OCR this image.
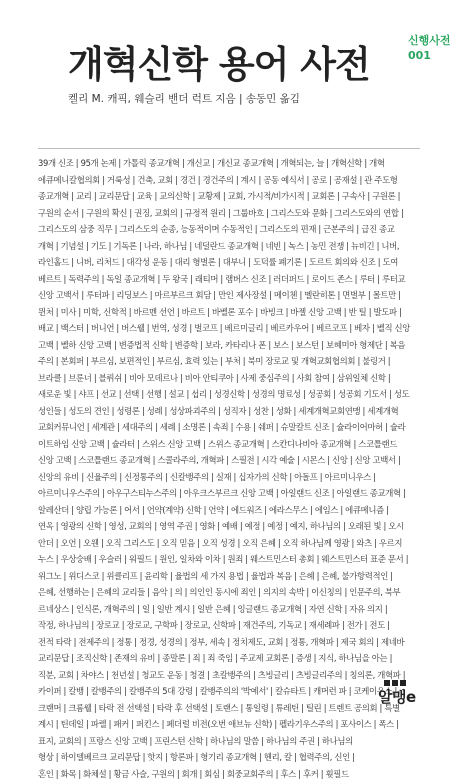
개혁신학 용어 사전
신행사전
001
켈리 M. 캐픽, 웨슬리 밴더 럭트 지음 | 송동민 옮김
39개 신조 | 95개 논제 | 가톨릭 종교개혁 | 개신교 | 개신교 종교개혁 | 개혁되는, 늘 | 개혁신학 | 개혁
에큐메니칼협의회 | 거룩성 | 건축, 교회 | 경건 | 경건주의 | 계시 | 공동 예식서 | 공로 | 공재설 | 관 주도형
종교개혁 | 교리 | 교리문답 | 교육 | 교의신학 | 교황제 | 교회, 가시적/비가시적 | 교회론 | 구속사 | 구원론 |
구원의 순서 | 구원의 확신 | 권징, 교회의 | 규정적 원리 | 그룹바흐 | 그리스도와 문화 | 그리스도와의 연합 |
그리스도의 삼중 직무 | 그리스도의 순종, 능동적이며 수동적인 | 그리스도의 편재 | 근본주의 | 급진 종교
개혁 | 기념설 | 기도 | 기독론 | 나라, 하나님 | 네덜란드 종교개혁 | 네빈 | 녹스 | 농민 전쟁 | 뉴비긴 | 니버,
라인홀드 | 니버, 리처드 | 대각성 운동 | 대리 형벌론 | 대부니 | 도덕률 폐기론 | 도르트 회의와 신조 | 도여
베르트 | 독력주의 | 독일 종교개혁 | 두 왕국 | 래티머 | 램버스 신조 | 러더퍼드 | 로이드 존스 | 루터 | 루터교
신앙 고백서 | 루터파 | 리딩보스 | 마르부르크 회담 | 만인 제사장설 | 메이첸 | 멜란히톤 | 면벌부 | 몰트만 |
뮌처 | 미사 | 미학, 신학적 | 바르멘 선언 | 바르트 | 바벨론 포수 | 바빙크 | 바젤 신앙 고백 | 반 틸 | 발도파 |
배교 | 백스터 | 버니언 | 버스웰 | 번역, 성경 | 벌코프 | 베르미글리 | 베르카우어 | 베르코프 | 베자 | 벨직 신앙
고백 | 벨하 신앙 고백 | 변증법적 신학 | 변증학 | 보라, 카타리나 폰 | 보스 | 보스턴 | 보혜미아 형제단 | 복음
주의 | 본회퍼 | 부르심, 보편적인 | 부르심, 효력 있는 | 부처 | 북미 장로교 및 개혁교회협의회 | 불링거 |
브라클 | 브룬너 | 블뤼쉬 | 비아 모데르나 | 비아 안티쿠아 | 사제 중심주의 | 사회 참여 | 삼위일체 신학 |
새로운 빛 | 샤프 | 선교 | 선택 | 선행 | 설교 | 섭리 | 성경신학 | 성경의 명료성 | 성공회 | 성공회 기도서 | 성도
성인들 | 성도의 견인 | 성령론 | 성례 | 성상파괴주의 | 성직자 | 성찬 | 성화 | 세계개혁교회연맹 | 세계개혁
교회커뮤니언 | 세계관 | 세대주의 | 세례 | 소명론 | 속죄 | 수용 | 쉐퍼 | 슈말칼트 신조 | 슐라이어마허 | 슐라
이트하임 신앙 고백 | 슐라터 | 스위스 신앙 고백 | 스위스 종교개혁 | 스칸디나비아 종교개혁 | 스코틀랜드
신앙 고백 | 스코틀랜드 종교개혁 | 스콜라주의, 개혁파 | 스필전 | 시각 예술 | 시몬스 | 신앙 | 신앙 고백서 |
신앙의 유비 | 신율주의 | 신정통주의 | 신칼뱅주의 | 실재 | 십자가의 신학 | 아돌프 | 아르미니우스 |
아르미니우스주의 | 아우구스티누스주의 | 아우크스부르크 신앙 고백 | 아일랜드 신조 | 아일랜드 종교개혁 |
알레산더 | 양립 가능론 | 어서 | 언약(계약) 신학 | 언약 | 에드워즈 | 에라스무스 | 에임스 | 에큐메니즘 |
연옥 | 영광의 신학 | 영성, 교회의 | 영역 주권 | 영화 | 예배 | 예정 | 예정 | 예지, 하나님의 | 오래된 빛 | 오시
안더 | 오언 | 오웬 | 오직 그리스도 | 오직 믿음 | 오직 성경 | 오직 은혜 | 오직 하나님께 영광 | 와츠 | 우르지
누스 | 우상숭배 | 우슬러 | 워필드 | 원인, 일차와 이차 | 원죄 | 웨스트민스터 총회 | 웨스트민스터 표준 문서 |
위그노 | 위디스코 | 위클리프 | 윤리학 | 율법의 세 가지 용법 | 율법과 복음 | 은혜 | 은혜, 불가항력적인 |
은혜, 선행하는 | 은혜의 교리들 | 음악 | 의 | 의인인 동시에 죄인 | 의지의 속박 | 이신칭의 | 인문주의, 북부
르네상스 | 인식론, 개혁주의 | 일 | 일반 계시 | 일반 은혜 | 잉글랜드 종교개혁 | 자연 신학 | 자유 의지 |
작정, 하나님의 | 장로교 | 장로교, 구학파 | 장로교, 신학파 | 재건주의, 기독교 | 재세례파 | 전가 | 전도 |
전적 타락 | 전제주의 | 정통 | 정경, 성경의 | 정부, 세속 | 정치제도, 교회 | 정통, 개혁파 | 제국 회의 | 제네바
교리문답 | 조직신학 | 존재의 유비 | 종말론 | 죄 | 죄 죽임 | 주교제 교회론 | 증생 | 지식, 하나님을 아는 |
직분, 교회 | 차야스 | 천년설 | 청교도 운동 | 청결 | 초칼뱅주의 | 츠빙글리 | 츠빙글리주의 | 칭의론, 개혁파 |
카이퍼 | 칼뱅 | 칼뱅주의 | 칼뱅주의 5대 강령 | 칼뱅주의의 '박예서' | 칼슈타트 | 캐머런 파 | 코케이우스 |
크랜머 | 크롬웰 | 타락 전 선택설 | 타락 후 선택설 | 토랜스 | 통일령 | 튜레틴 | 틸린 | 트렌트 공의회 | 특별
계시 | 틴데일 | 파렐 | 패커 | 퍼킨스 | 페더럴 비전(오번 애브뉴 신학) | 펠라기우스주의 | 포사이스 | 폭스 |
표지, 교회의 | 프랑스 신앙 고백 | 프린스턴 신학 | 하나님의 말씀 | 하나님의 주권 | 하나님의
형상 | 하이델베르크 교리문답 | 핫지 | 항론파 | 형기리 종교개혁 | 헨리, 칼 | 협력주의, 신인 |
혼인 | 화목 | 화체설 | 황금 사슬, 구원의 | 회개 | 회심 | 회중교회주의 | 후스 | 후커 | 휫필드
알맹e
